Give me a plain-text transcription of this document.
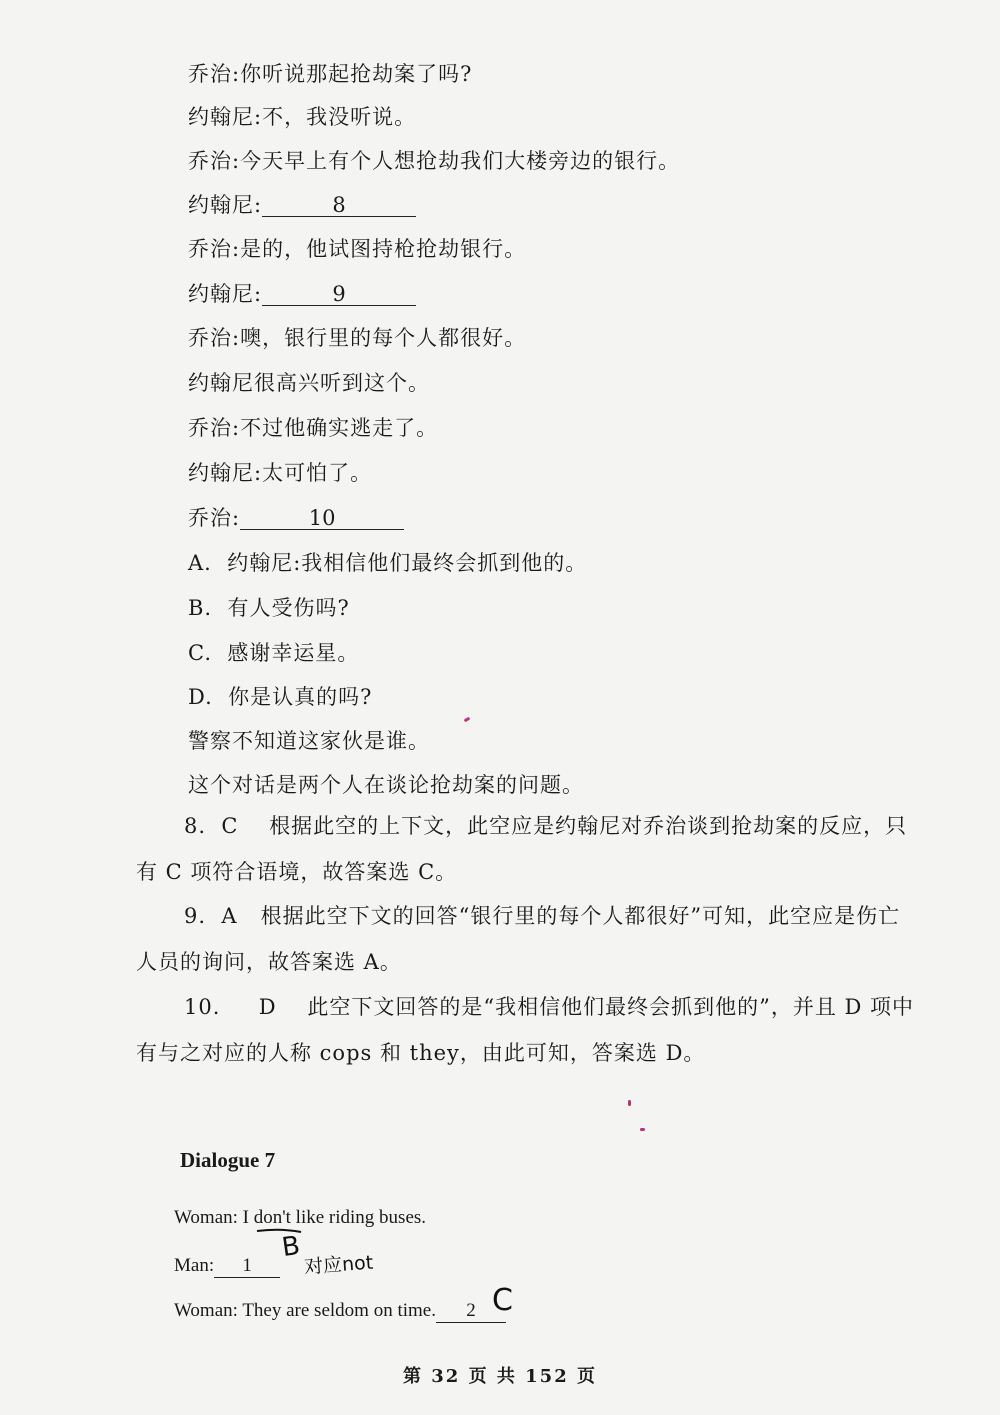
乔治:你听说那起抢劫案了吗?
约翰尼:不，我没听说。
乔治:今天早上有个人想抢劫我们大楼旁边的银行。
约翰尼:	8
乔治:是的，他试图持枪抢劫银行。
约翰尼:	9
乔治:噢，银行里的每个人都很好。
约翰尼很高兴听到这个。
乔治:不过他确实逃走了。
约翰尼:太可怕了。
乔治:	10
A. 约翰尼:我相信他们最终会抓到他的。
B. 有人受伤吗?
C. 感谢幸运星。
D. 你是认真的吗?
警察不知道这家伙是谁。
这个对话是两个人在谈论抢劫案的问题。
8. C 根据此空的上下文，此空应是约翰尼对乔治谈到抢劫案的反应，只
有 C 项符合语境，故答案选 C。
9. A 根据此空下文的回答“银行里的每个人都很好”可知，此空应是伤亡
人员的询问，故答案选 A。
10. D 此空下文回答的是“我相信他们最终会抓到他的”，并且 D 项中
有与之对应的人称 cops 和 they，由此可知，答案选 D。
Dialogue 7
Woman: I don't like riding buses.
Man: 1
Woman: They are seldom on time. 2
B
对应not
C
第 32 页 共 152 页
